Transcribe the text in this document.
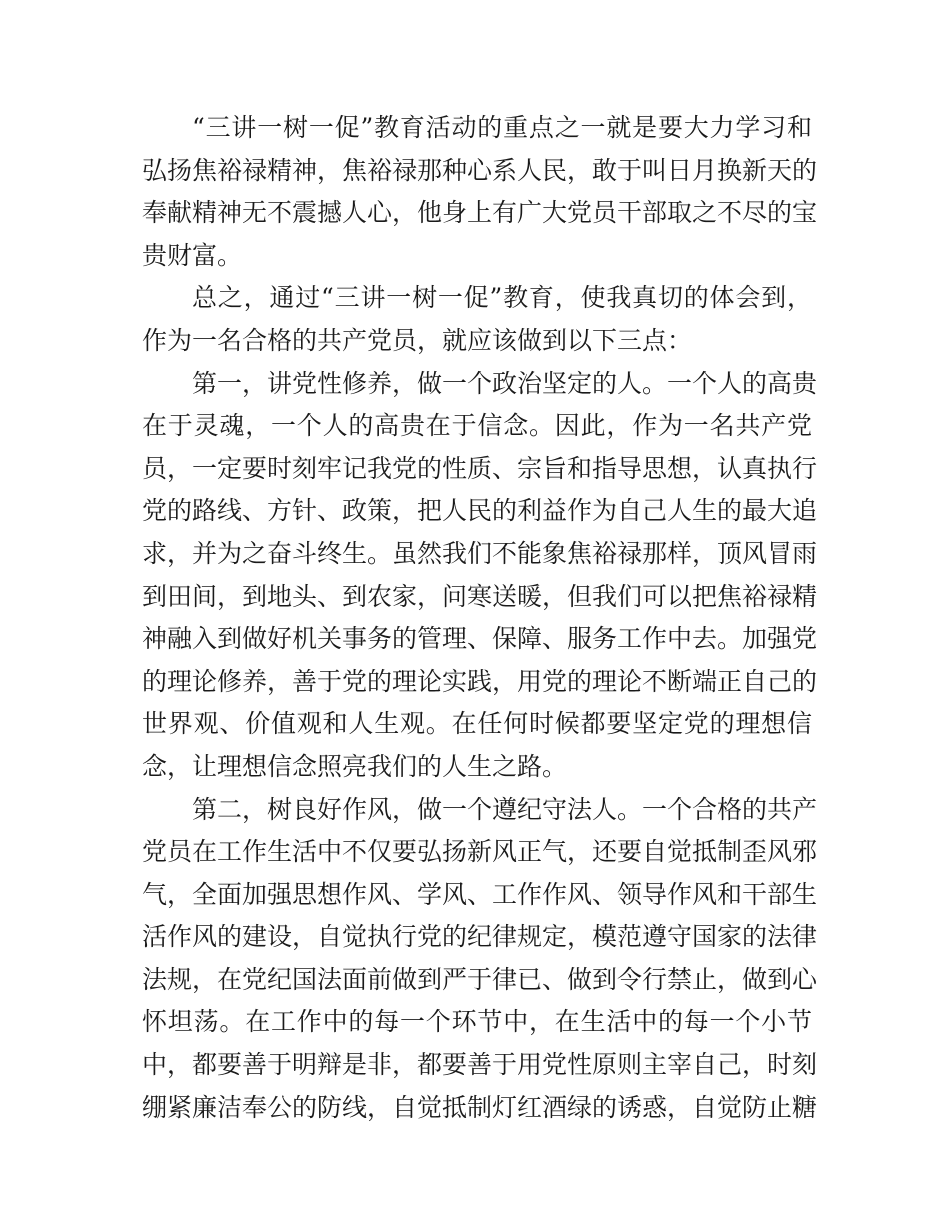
“三讲一树一促”教育活动的重点之一就是要大力学习和
弘扬焦裕禄精神，焦裕禄那种心系人民，敢于叫日月换新天的
奉献精神无不震撼人心，他身上有广大党员干部取之不尽的宝
贵财富。
总之，通过“三讲一树一促”教育，使我真切的体会到，
作为一名合格的共产党员，就应该做到以下三点：
第一，讲党性修养，做一个政治坚定的人。一个人的高贵
在于灵魂，一个人的高贵在于信念。因此，作为一名共产党
员，一定要时刻牢记我党的性质、宗旨和指导思想，认真执行
党的路线、方针、政策，把人民的利益作为自己人生的最大追
求，并为之奋斗终生。虽然我们不能象焦裕禄那样，顶风冒雨
到田间，到地头、到农家，问寒送暖，但我们可以把焦裕禄精
神融入到做好机关事务的管理、保障、服务工作中去。加强党
的理论修养，善于党的理论实践，用党的理论不断端正自己的
世界观、价值观和人生观。在任何时候都要坚定党的理想信
念，让理想信念照亮我们的人生之路。
第二，树良好作风，做一个遵纪守法人。一个合格的共产
党员在工作生活中不仅要弘扬新风正气，还要自觉抵制歪风邪
气，全面加强思想作风、学风、工作作风、领导作风和干部生
活作风的建设，自觉执行党的纪律规定，模范遵守国家的法律
法规，在党纪国法面前做到严于律已、做到令行禁止，做到心
怀坦荡。在工作中的每一个环节中，在生活中的每一个小节
中，都要善于明辩是非，都要善于用党性原则主宰自己，时刻
绷紧廉洁奉公的防线，自觉抵制灯红酒绿的诱惑，自觉防止糖
